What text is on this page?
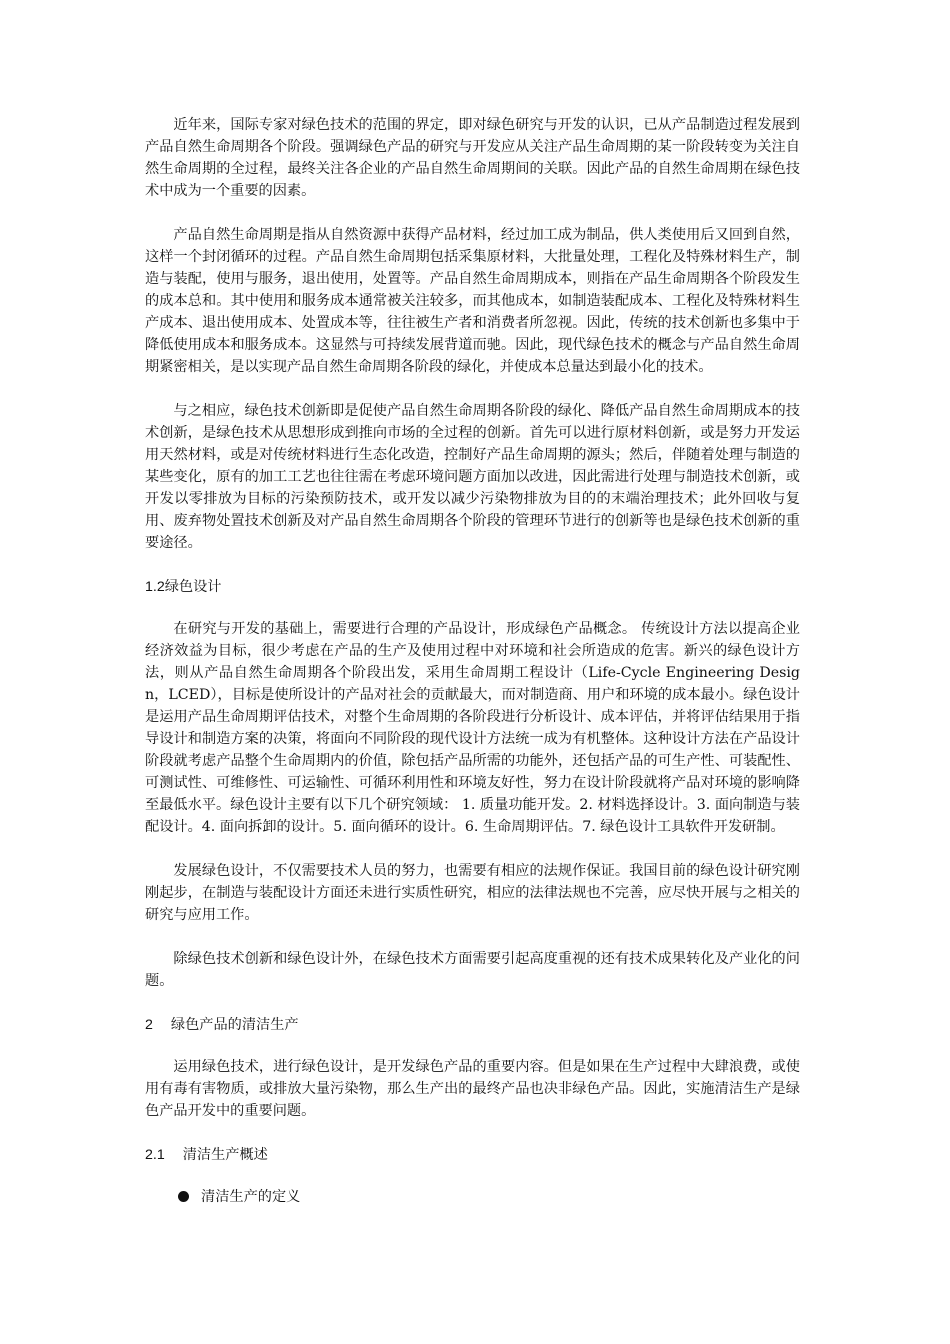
近年来，国际专家对绿色技术的范围的界定，即对绿色研究与开发的认识，已从产品制造过程发展到产品自然生命周期各个阶段。强调绿色产品的研究与开发应从关注产品生命周期的某一阶段转变为关注自然生命周期的全过程，最终关注各企业的产品自然生命周期间的关联。因此产品的自然生命周期在绿色技术中成为一个重要的因素。

产品自然生命周期是指从自然资源中获得产品材料，经过加工成为制品，供人类使用后又回到自然，这样一个封闭循环的过程。产品自然生命周期包括采集原材料，大批量处理，工程化及特殊材料生产，制造与装配，使用与服务，退出使用，处置等。产品自然生命周期成本，则指在产品生命周期各个阶段发生的成本总和。其中使用和服务成本通常被关注较多，而其他成本，如制造装配成本、工程化及特殊材料生产成本、退出使用成本、处置成本等，往往被生产者和消费者所忽视。因此，传统的技术创新也多集中于降低使用成本和服务成本。这显然与可持续发展背道而驰。因此，现代绿色技术的概念与产品自然生命周期紧密相关，是以实现产品自然生命周期各阶段的绿化，并使成本总量达到最小化的技术。

与之相应，绿色技术创新即是促使产品自然生命周期各阶段的绿化、降低产品自然生命周期成本的技术创新，是绿色技术从思想形成到推向市场的全过程的创新。首先可以进行原材料创新，或是努力开发运用天然材料，或是对传统材料进行生态化改造，控制好产品生命周期的源头；然后，伴随着处理与制造的某些变化，原有的加工工艺也往往需在考虑环境问题方面加以改进，因此需进行处理与制造技术创新，或开发以零排放为目标的污染预防技术，或开发以减少污染物排放为目的的末端治理技术；此外回收与复用、废弃物处置技术创新及对产品自然生命周期各个阶段的管理环节进行的创新等也是绿色技术创新的重要途径。

1.2绿色设计

在研究与开发的基础上，需要进行合理的产品设计，形成绿色产品概念。 传统设计方法以提高企业经济效益为目标，很少考虑在产品的生产及使用过程中对环境和社会所造成的危害。新兴的绿色设计方法，则从产品自然生命周期各个阶段出发，采用生命周期工程设计（Life-Cycle Engineering Design，LCED），目标是使所设计的产品对社会的贡献最大，而对制造商、用户和环境的成本最小。绿色设计是运用产品生命周期评估技术，对整个生命周期的各阶段进行分析设计、成本评估，并将评估结果用于指导设计和制造方案的决策，将面向不同阶段的现代设计方法统一成为有机整体。这种设计方法在产品设计阶段就考虑产品整个生命周期内的价值，除包括产品所需的功能外，还包括产品的可生产性、可装配性、可测试性、可维修性、可运输性、可循环利用性和环境友好性，努力在设计阶段就将产品对环境的影响降至最低水平。绿色设计主要有以下几个研究领域： 1. 质量功能开发。2. 材料选择设计。3. 面向制造与装配设计。4. 面向拆卸的设计。5. 面向循环的设计。6. 生命周期评估。7. 绿色设计工具软件开发研制。

发展绿色设计，不仅需要技术人员的努力，也需要有相应的法规作保证。我国目前的绿色设计研究刚刚起步，在制造与装配设计方面还未进行实质性研究，相应的法律法规也不完善，应尽快开展与之相关的研究与应用工作。

除绿色技术创新和绿色设计外，在绿色技术方面需要引起高度重视的还有技术成果转化及产业化的问题。

2 绿色产品的清洁生产

运用绿色技术，进行绿色设计，是开发绿色产品的重要内容。但是如果在生产过程中大肆浪费，或使用有毒有害物质，或排放大量污染物，那么生产出的最终产品也决非绿色产品。因此，实施清洁生产是绿色产品开发中的重要问题。

2.1 清洁生产概述

清洁生产的定义
